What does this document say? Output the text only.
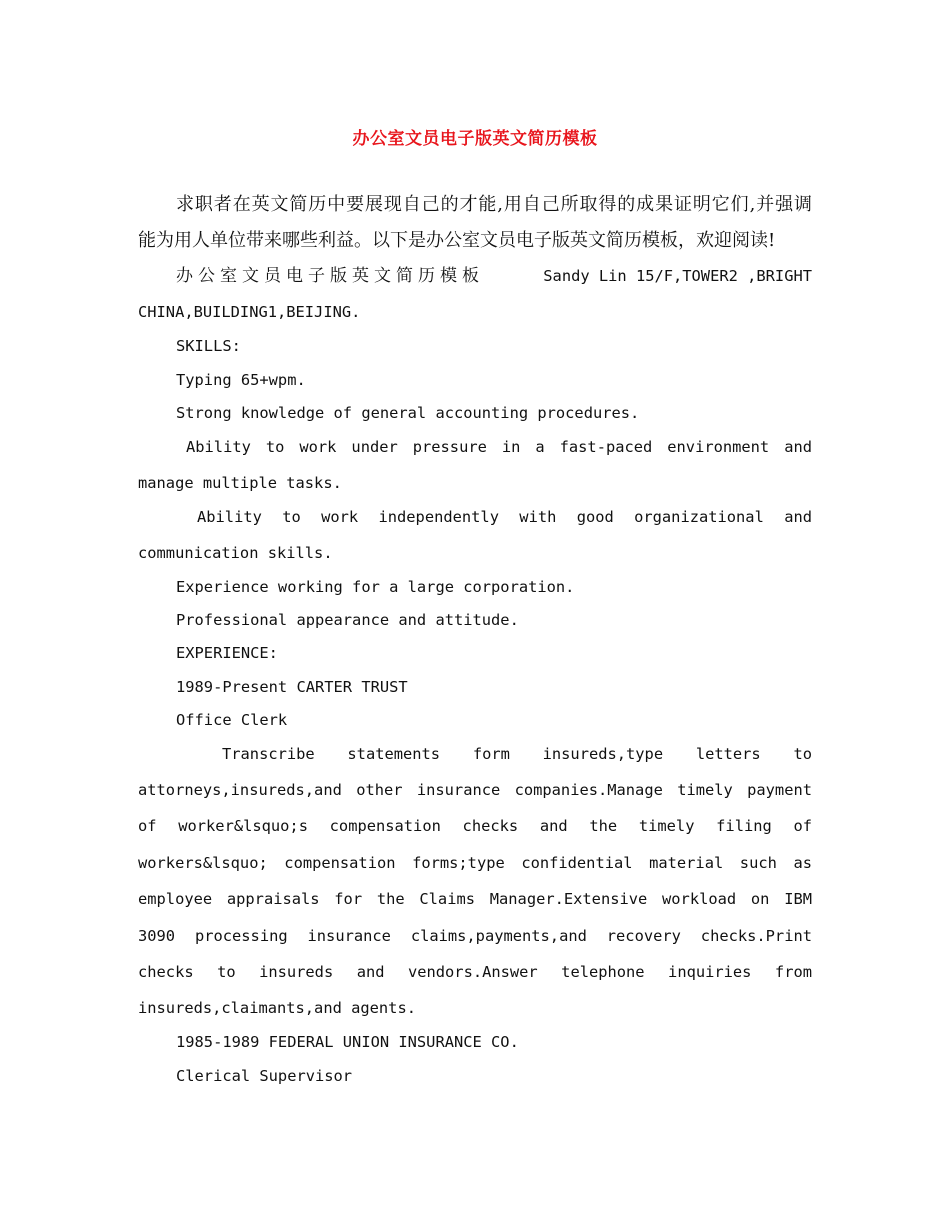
办公室文员电子版英文简历模板
求职者在英文简历中要展现自己的才能,用自己所取得的成果证明它们,并强调
能为用人单位带来哪些利益。以下是办公室文员电子版英文简历模板，欢迎阅读!
办公室文员电子版英文简历模板	Sandy Lin 15/F,TOWER2 ,BRIGHT
CHINA,BUILDING1,BEIJING.
SKILLS:
Typing 65+wpm.
Strong knowledge of general accounting procedures.
Ability to work under pressure in a fast-paced environment and
manage multiple tasks.
Ability to work independently with good organizational and
communication skills.
Experience working for a large corporation.
Professional appearance and attitude.
EXPERIENCE:
1989-Present CARTER TRUST
Office Clerk
Transcribe statements form insureds,type letters to
attorneys,insureds,and other insurance companies.Manage timely payment
of worker&lsquo;s compensation checks and the timely filing of
workers&lsquo; compensation forms;type confidential material such as
employee appraisals for the Claims Manager.Extensive workload on IBM
3090 processing insurance claims,payments,and recovery checks.Print
checks to insureds and vendors.Answer telephone inquiries from
insureds,claimants,and agents.
1985-1989 FEDERAL UNION INSURANCE CO.
Clerical Supervisor
